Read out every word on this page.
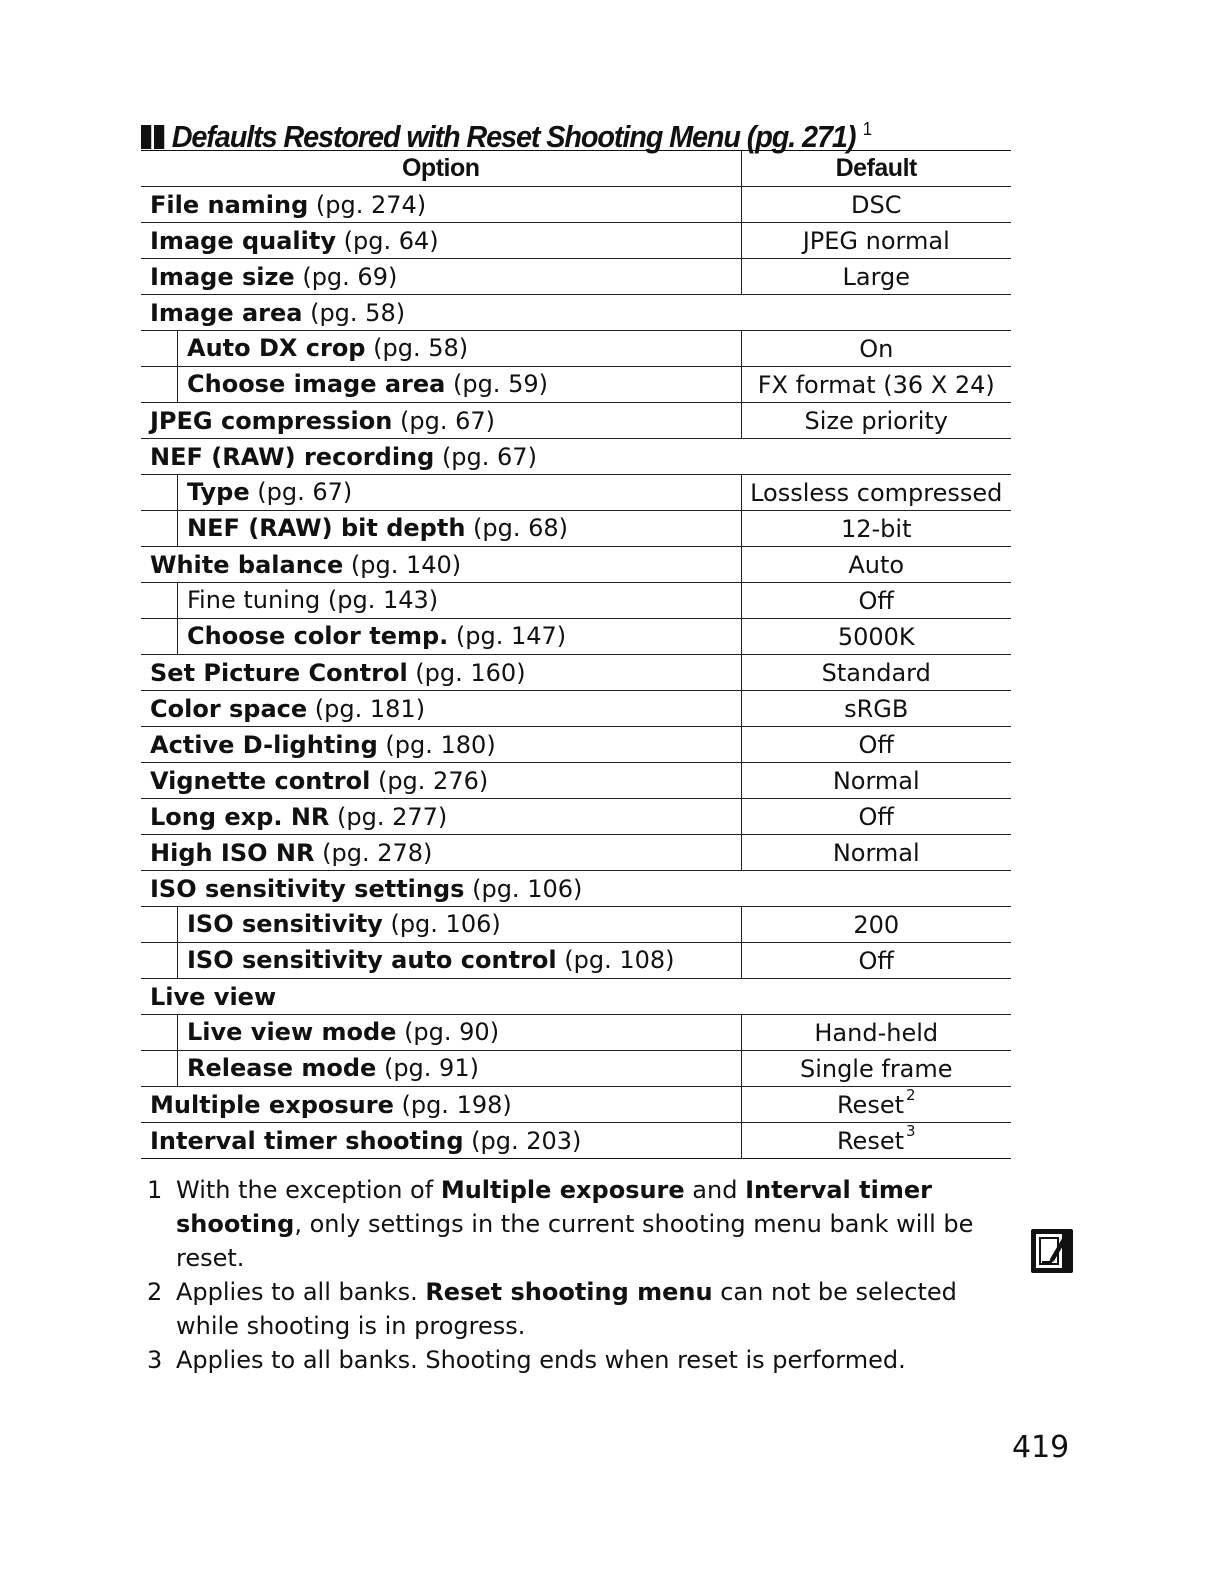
Defaults Restored with Reset Shooting Menu (pg. 271) $^1$
Option	Default
File naming (pg. 274)	DSC
Image quality (pg. 64)	JPEG normal
Image size (pg. 69)	Large
Image area (pg. 58)	

Auto DX crop (pg. 58)	On

Choose image area (pg. 59)	FX format (36 X 24)
JPEG compression (pg. 67)	Size priority
NEF (RAW) recording (pg. 67)	

Type (pg. 67)	Lossless compressed

NEF (RAW) bit depth (pg. 68)	12-bit
White balance (pg. 140)	Auto

Fine tuning (pg. 143)	Off

Choose color temp. (pg. 147)	5000K
Set Picture Control (pg. 160)	Standard
Color space (pg. 181)	sRGB
Active D-lighting (pg. 180)	Off
Vignette control (pg. 276)	Normal
Long exp. NR (pg. 277)	Off
High ISO NR (pg. 278)	Normal
ISO sensitivity settings (pg. 106)	

ISO sensitivity (pg. 106)	200

ISO sensitivity auto control (pg. 108)	Off
Live view	

Live view mode (pg. 90)	Hand-held

Release mode (pg. 91)	Single frame
Multiple exposure (pg. 198)	Reset $^2$
Interval timer shooting (pg. 203)	Reset $^3$
1 With the exception of Multiple exposure and Interval timer shooting, only settings in the current shooting menu bank will be reset.
2 Applies to all banks. Reset shooting menu can not be selected while shooting is in progress.
3 Applies to all banks. Shooting ends when reset is performed.
419
